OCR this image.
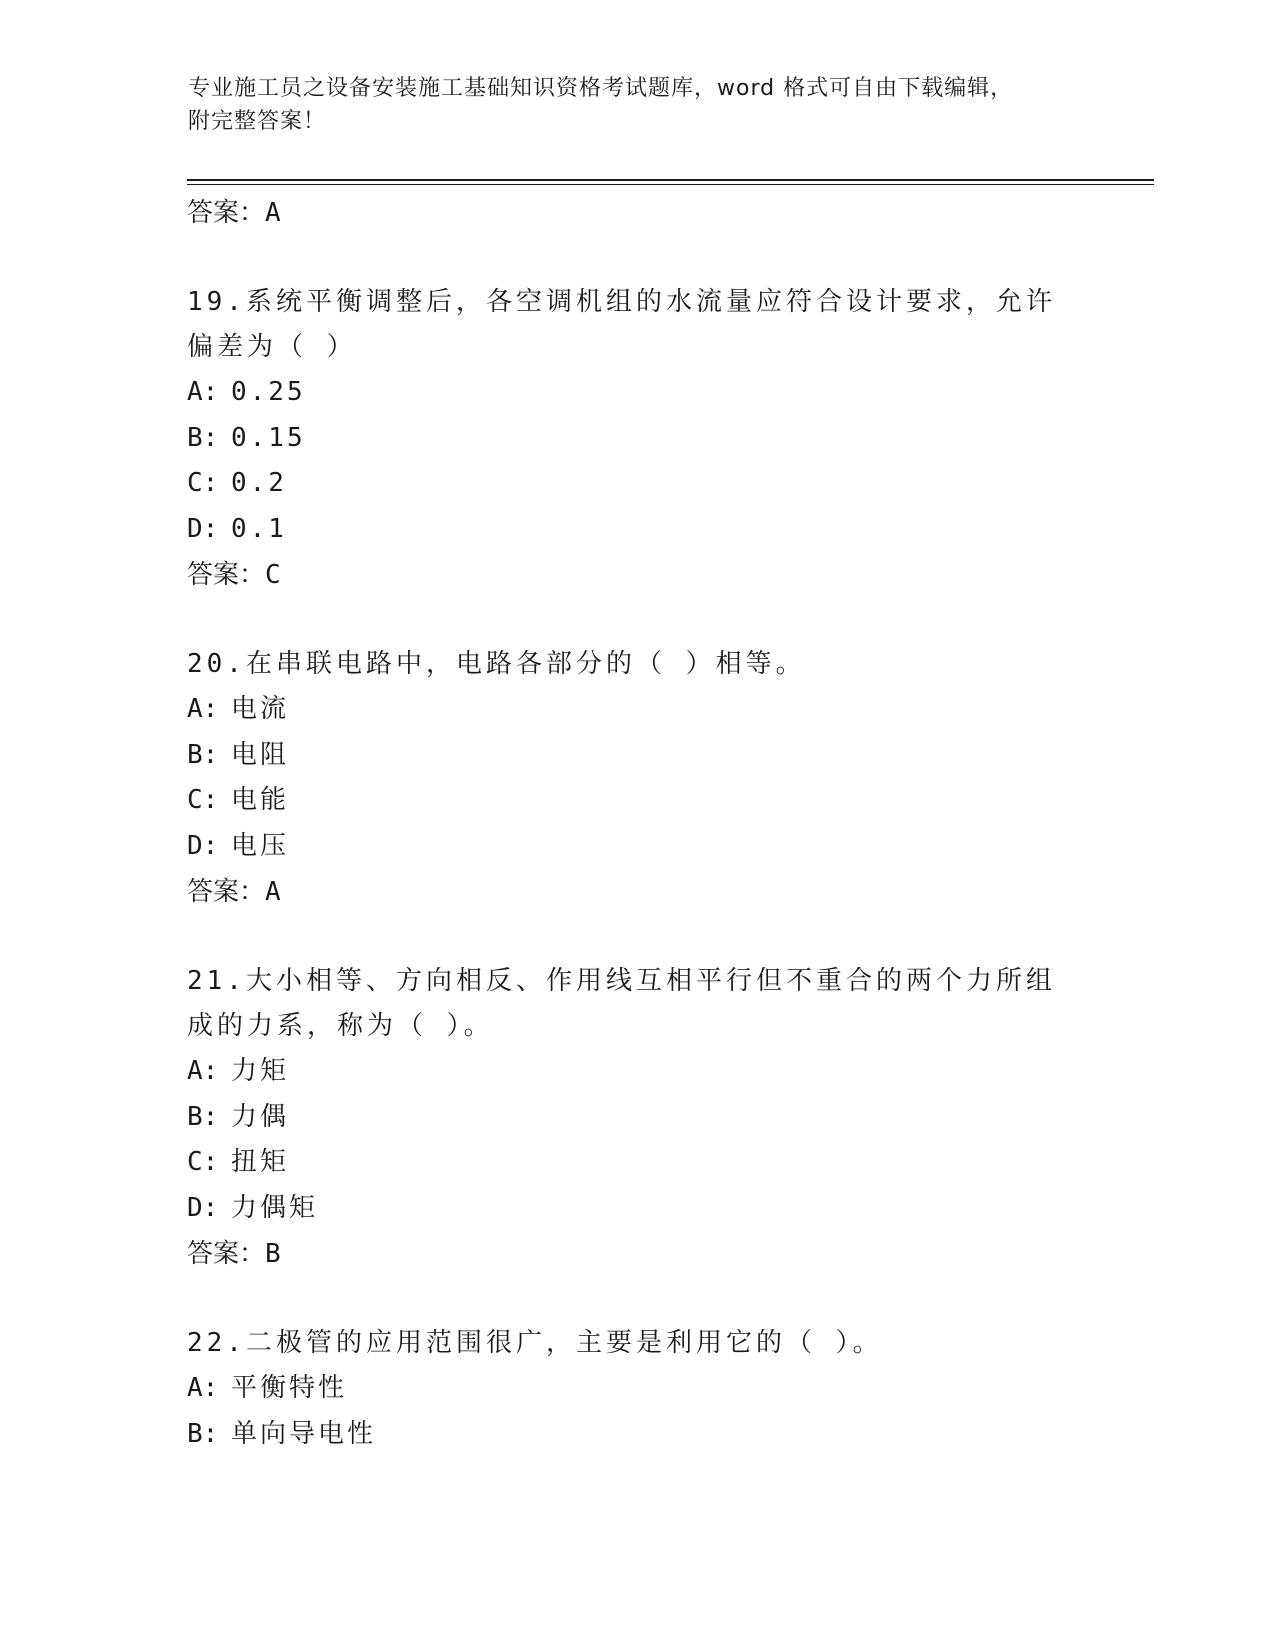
专业施工员之设备安装施工基础知识资格考试题库，word 格式可自由下载编辑，
附完整答案！
答案：A
19.系统平衡调整后，各空调机组的水流量应符合设计要求，允许偏差为（ ）
A: 0.25
B: 0.15
C: 0.2
D: 0.1
答案：C
20.在串联电路中，电路各部分的（ ）相等。
A: 电流
B: 电阻
C: 电能
D: 电压
答案：A
21.大小相等、方向相反、作用线互相平行但不重合的两个力所组成的力系，称为（ ）。
A: 力矩
B: 力偶
C: 扭矩
D: 力偶矩
答案：B
22.二极管的应用范围很广，主要是利用它的（ ）。
A: 平衡特性
B: 单向导电性
